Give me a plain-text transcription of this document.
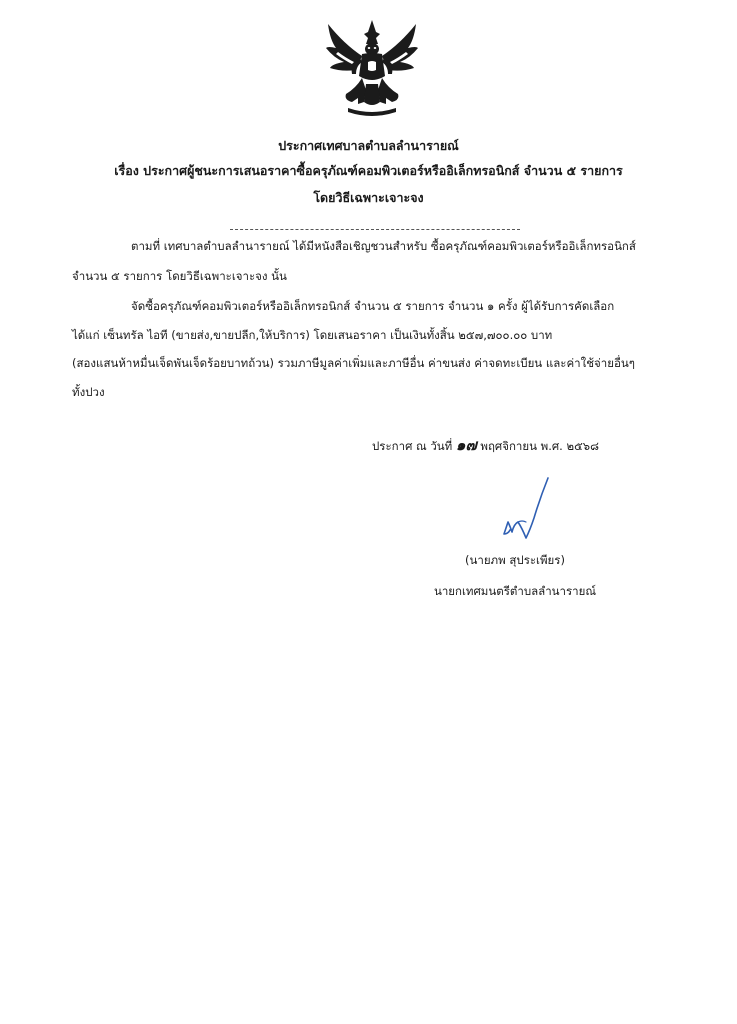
ประกาศเทศบาลตำบลลำนารายณ์
เรื่อง ประกาศผู้ชนะการเสนอราคาซื้อครุภัณฑ์คอมพิวเตอร์หรืออิเล็กทรอนิกส์ จำนวน ๕ รายการ
โดยวิธีเฉพาะเจาะจง
ตามที่ เทศบาลตำบลลำนารายณ์ ได้มีหนังสือเชิญชวนสำหรับ ซื้อครุภัณฑ์คอมพิวเตอร์หรืออิเล็กทรอนิกส์
จำนวน ๕ รายการ โดยวิธีเฉพาะเจาะจง นั้น
จัดซื้อครุภัณฑ์คอมพิวเตอร์หรืออิเล็กทรอนิกส์ จำนวน ๕ รายการ จำนวน ๑ ครั้ง ผู้ได้รับการคัดเลือก
ได้แก่ เซ็นทรัล ไอที (ขายส่ง,ขายปลีก,ให้บริการ) โดยเสนอราคา เป็นเงินทั้งสิ้น ๒๕๗,๗๐๐.๐๐ บาท
(สองแสนห้าหมื่นเจ็ดพันเจ็ดร้อยบาทถ้วน) รวมภาษีมูลค่าเพิ่มและภาษีอื่น ค่าขนส่ง ค่าจดทะเบียน และค่าใช้จ่ายอื่นๆ
ทั้งปวง
ประกาศ ณ วันที่ ๑๗ พฤศจิกายน พ.ศ. ๒๕๖๘
(นายภพ สุประเพียร)
นายกเทศมนตรีตำบลลำนารายณ์
